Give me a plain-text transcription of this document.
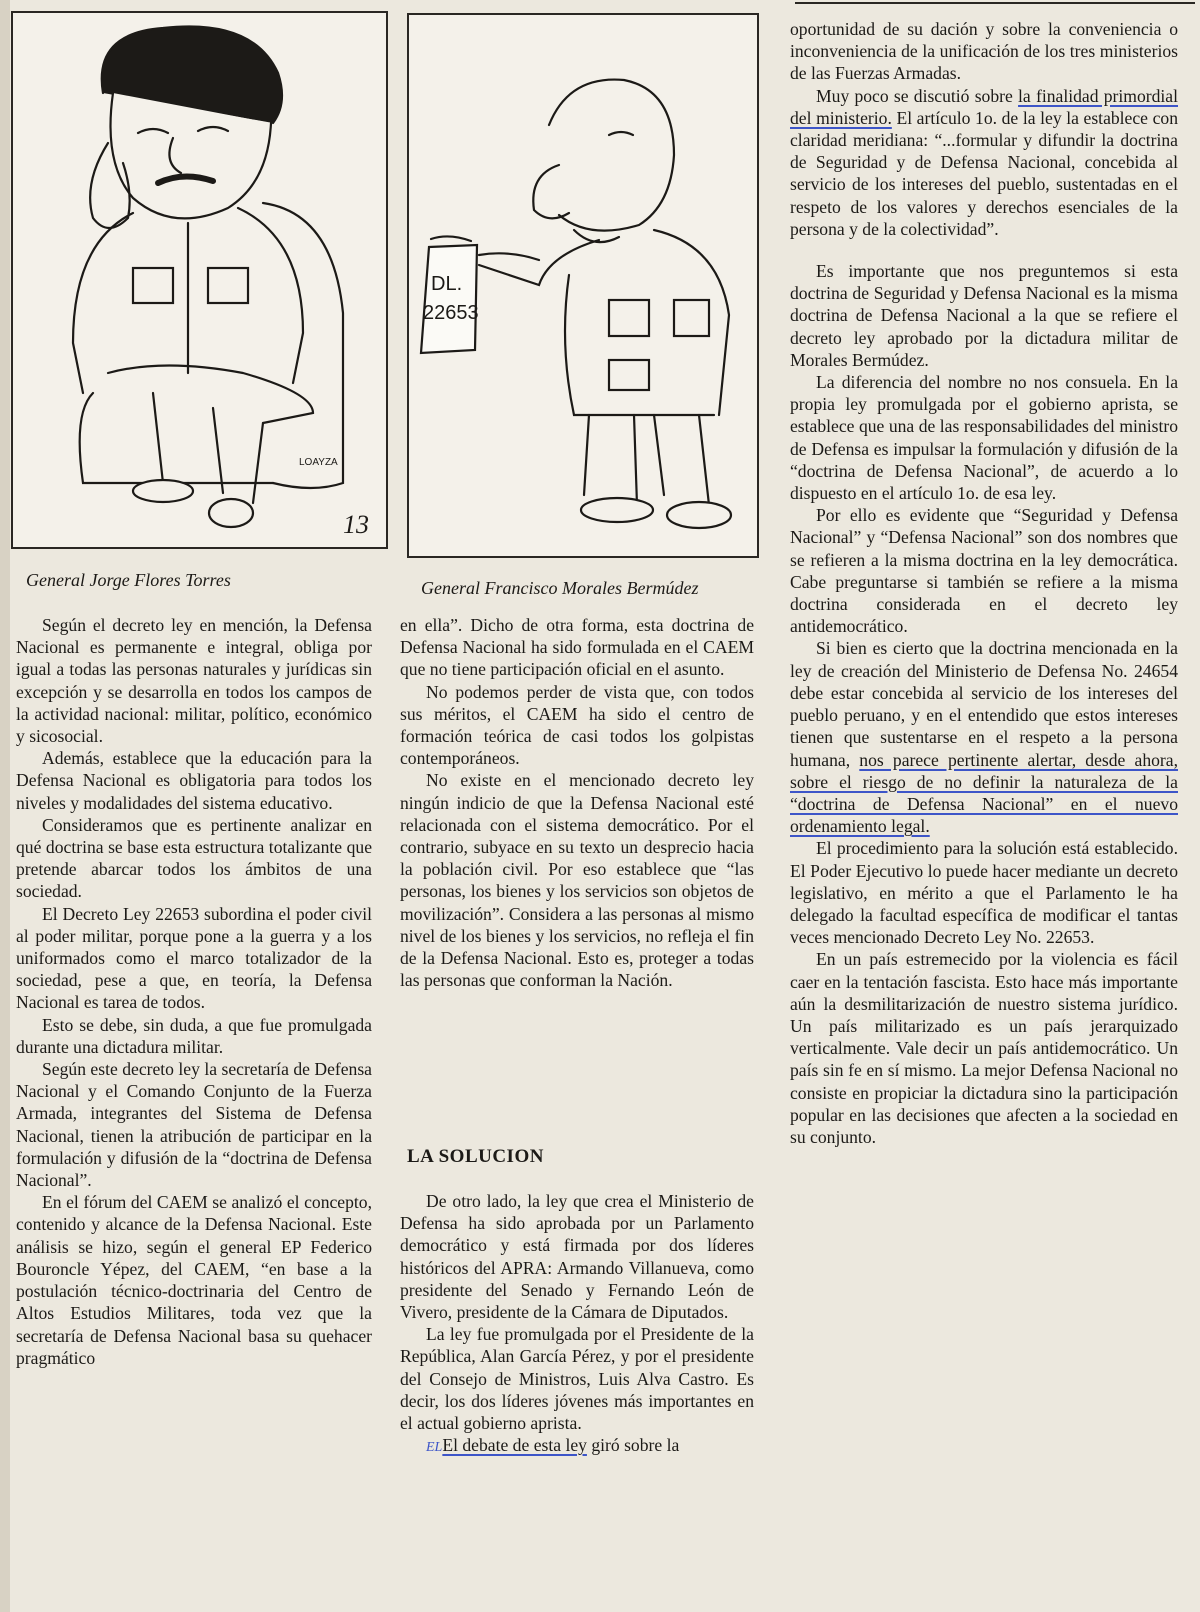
LOAYZA
13
General Jorge Flores Torres
DL.
22653
General Francisco Morales Bermúdez

Según el decreto ley en mención, la Defensa Nacional es permanente e integral, obliga por igual a todas las personas naturales y jurídicas sin excepción y se desarrolla en todos los campos de la actividad nacional: militar, político, económico y sicosocial.

Además, establece que la educación para la Defensa Nacional es obligatoria para todos los niveles y modalidades del sistema educativo.

Consideramos que es pertinente analizar en qué doctrina se base esta estructura totalizante que pretende abarcar todos los ámbitos de una sociedad.

El Decreto Ley 22653 subordina el poder civil al poder militar, porque pone a la guerra y a los uniformados como el marco totalizador de la sociedad, pese a que, en teoría, la Defensa Nacional es tarea de todos.

Esto se debe, sin duda, a que fue promulgada durante una dictadura militar.

Según este decreto ley la secretaría de Defensa Nacional y el Comando Conjunto de la Fuerza Armada, integrantes del Sistema de Defensa Nacional, tienen la atribución de participar en la formulación y difusión de la “doctrina de Defensa Nacional”.

En el fórum del CAEM se analizó el concepto, contenido y alcance de la Defensa Nacional. Este análisis se hizo, según el general EP Federico Bouroncle Yépez, del CAEM, “en base a la postulación técnico-doctrinaria del Centro de Altos Estudios Militares, toda vez que la secretaría de Defensa Nacional basa su quehacer pragmático

en ella”. Dicho de otra forma, esta doctrina de Defensa Nacional ha sido formulada en el CAEM que no tiene participación oficial en el asunto.

No podemos perder de vista que, con todos sus méritos, el CAEM ha sido el centro de formación teórica de casi todos los golpistas contemporáneos.

No existe en el mencionado decreto ley ningún indicio de que la Defensa Nacional esté relacionada con el sistema democrático. Por el contrario, subyace en su texto un desprecio hacia la población civil. Por eso establece que “las personas, los bienes y los servicios son objetos de movilización”. Considera a las personas al mismo nivel de los bienes y los servicios, no refleja el fin de la Defensa Nacional. Esto es, proteger a todas las personas que conforman la Nación.

LA SOLUCION

De otro lado, la ley que crea el Ministerio de Defensa ha sido aprobada por un Parlamento democrático y está firmada por dos líderes históricos del APRA: Armando Villanueva, como presidente del Senado y Fernando León de Vivero, presidente de la Cámara de Diputados.

La ley fue promulgada por el Presidente de la República, Alan García Pérez, y por el presidente del Consejo de Ministros, Luis Alva Castro. Es decir, los dos líderes jóvenes más importantes en el actual gobierno aprista.

ELEl debate de esta ley giró sobre la

oportunidad de su dación y sobre la conveniencia o inconveniencia de la unificación de los tres ministerios de las Fuerzas Armadas.

Muy poco se discutió sobre la finalidad primordial del ministerio. El artículo 1o. de la ley la establece con claridad meridiana: “...formular y difundir la doctrina de Seguridad y de Defensa Nacional, concebida al servicio de los intereses del pueblo, sustentadas en el respeto de los valores y derechos esenciales de la persona y de la colectividad”.

Es importante que nos preguntemos si esta doctrina de Seguridad y Defensa Nacional es la misma doctrina de Defensa Nacional a la que se refiere el decreto ley aprobado por la dictadura militar de Morales Bermúdez.

La diferencia del nombre no nos consuela. En la propia ley promulgada por el gobierno aprista, se establece que una de las responsabilidades del ministro de Defensa es impulsar la formulación y difusión de la “doctrina de Defensa Nacional”, de acuerdo a lo dispuesto en el artículo 1o. de esa ley.

Por ello es evidente que “Seguridad y Defensa Nacional” y “Defensa Nacional” son dos nombres que se refieren a la misma doctrina en la ley democrática. Cabe preguntarse si también se refiere a la misma doctrina considerada en el decreto ley antidemocrático.

Si bien es cierto que la doctrina mencionada en la ley de creación del Ministerio de Defensa No. 24654 debe estar concebida al servicio de los intereses del pueblo peruano, y en el entendido que estos intereses tienen que sustentarse en el respeto a la persona humana, nos parece pertinente alertar, desde ahora, sobre el riesgo de no definir la naturaleza de la “doctrina de Defensa Nacional” en el nuevo ordenamiento legal.

El procedimiento para la solución está establecido. El Poder Ejecutivo lo puede hacer mediante un decreto legislativo, en mérito a que el Parlamento le ha delegado la facultad específica de modificar el tantas veces mencionado Decreto Ley No. 22653.

En un país estremecido por la violencia es fácil caer en la tentación fascista. Esto hace más importante aún la desmilitarización de nuestro sistema jurídico. Un país militarizado es un país jerarquizado verticalmente. Vale decir un país antidemocrático. Un país sin fe en sí mismo. La mejor Defensa Nacional no consiste en propiciar la dictadura sino la participación popular en las decisiones que afecten a la sociedad en su conjunto.
